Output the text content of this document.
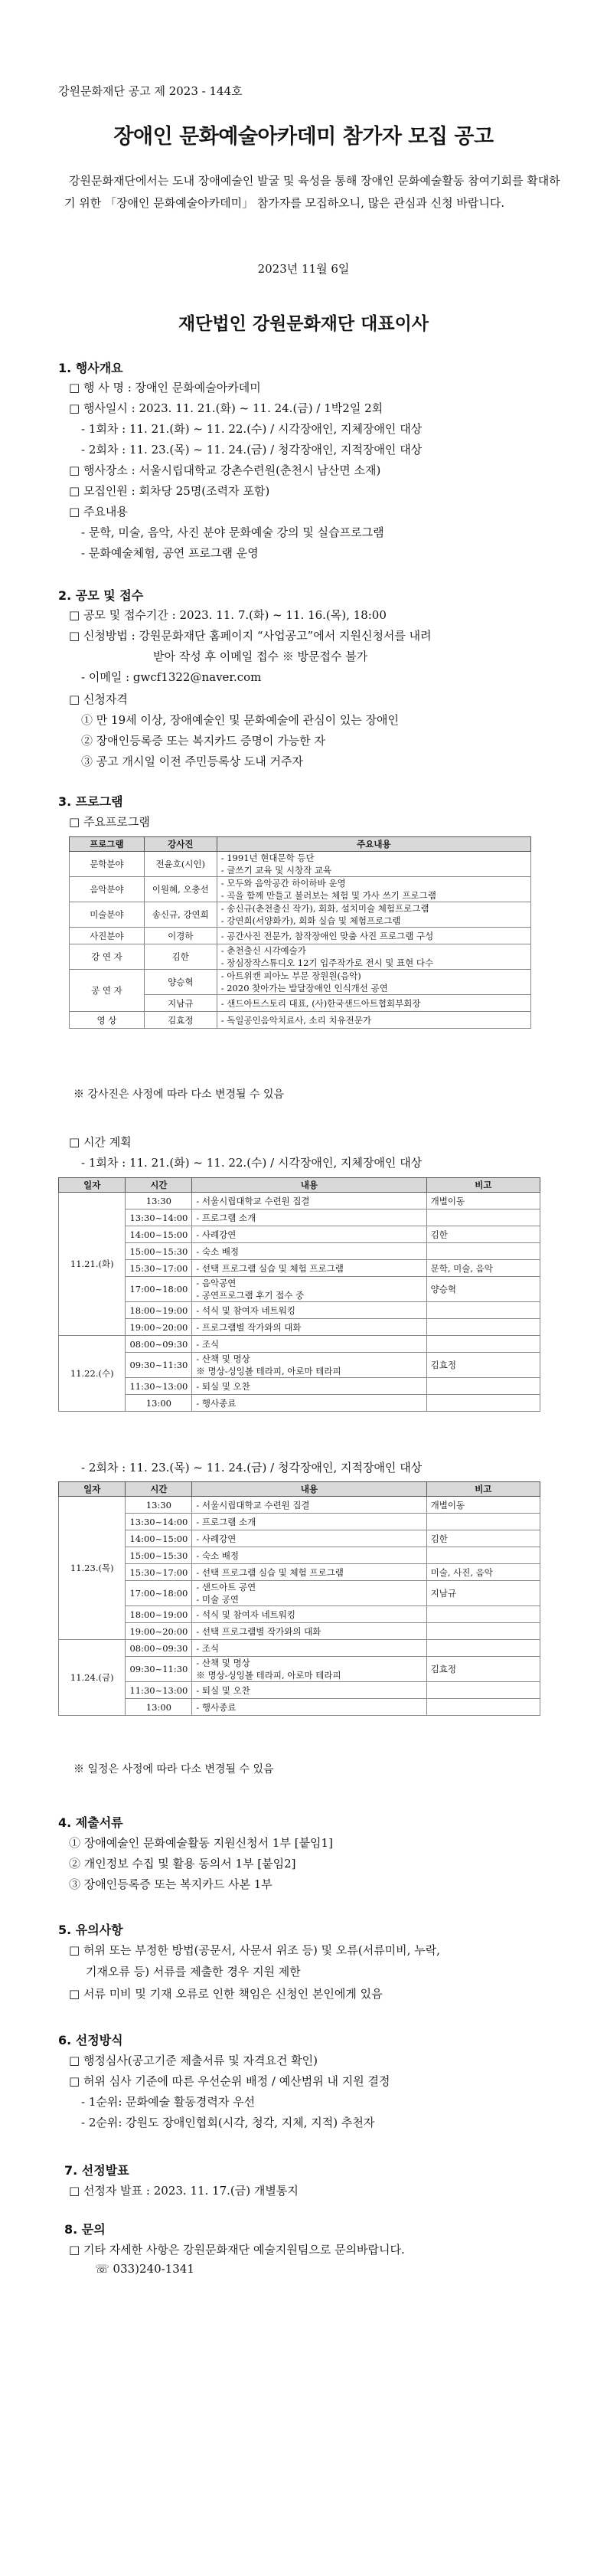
강원문화재단 공고 제 2023 - 144호
장애인 문화예술아카데미 참가자 모집 공고
강원문화재단에서는 도내 장애예술인 발굴 및 육성을 통해 장애인 문화예술활동 참여기회를 확대하기 위한 「장애인 문화예술아카데미」 참가자를 모집하오니, 많은 관심과 신청 바랍니다.
2023년 11월 6일
재단법인 강원문화재단 대표이사
1. 행사개요
□ 행 사 명 : 장애인 문화예술아카데미
□ 행사일시 : 2023. 11. 21.(화) ~ 11. 24.(금) / 1박2일 2회
- 1회차 : 11. 21.(화) ~ 11. 22.(수) / 시각장애인, 지체장애인 대상
- 2회차 : 11. 23.(목) ~ 11. 24.(금) / 청각장애인, 지적장애인 대상
□ 행사장소 : 서울시립대학교 강촌수련원(춘천시 남산면 소재)
□ 모집인원 : 회차당 25명(조력자 포함)
□ 주요내용
- 문학, 미술, 음악, 사진 분야 문화예술 강의 및 실습프로그램
- 문화예술체험, 공연 프로그램 운영
2. 공모 및 접수
□ 공모 및 접수기간 : 2023. 11. 7.(화) ~ 11. 16.(목), 18:00
□ 신청방법 : 강원문화재단 홈페이지 “사업공고”에서 지원신청서를 내려
받아 작성 후 이메일 접수 ※ 방문접수 불가
- 이메일 : gwcf1322@naver.com
□ 신청자격
① 만 19세 이상, 장애예술인 및 문화예술에 관심이 있는 장애인
② 장애인등록증 또는 복지카드 증명이 가능한 자
③ 공고 개시일 이전 주민등록상 도내 거주자
3. 프로그램
□ 주요프로그램
프로그램	강사진	주요내용
문학분야	전윤호(시인)	- 1991년 현대문학 등단
- 글쓰기 교육 및 시창작 교육

음악분야	이원혜, 오충선	- 모두와 음악공간 하이하바 운영
- 곡을 함께 만들고 불러보는 체험 및 가사 쓰기 프로그램

미술분야	송신규, 강연희	- 송신규(춘천출신 작가), 회화, 설치미술 체험프로그램
- 강연희(서양화가), 회화 실습 및 체험프로그램

사진분야	이경하	- 공간사진 전문가, 참작장애인 맞춤 사진 프로그램 구성
강 연 자	김한	- 춘천출신 시각예술가
- 장심장작스튜디오 12기 입주작가로 전시 및 표현 다수

공 연 자	양승혁	- 아트위캔 피아노 부문 장원원(음악)
- 2020 찾아가는 발달장애인 인식개선 공연

	지남규	- 샌드아트스토리 대표, (사)한국샌드아트협회부회장
영 상	김효정	- 독일공인음악치료사, 소리 치유전문가
※ 강사진은 사정에 따라 다소 변경될 수 있음
□ 시간 계획
- 1회차 : 11. 21.(화) ~ 11. 22.(수) / 시각장애인, 지체장애인 대상
일자	시간	내용	비고
11.21.(화)	13:30	- 서울시립대학교 수련원 집결	개별이동
	13:30~14:00	- 프로그램 소개	

	14:00~15:00	- 사례강연	김한
	15:00~15:30	- 숙소 배정	

	15:30~17:00	- 선택 프로그램 실습 및 체험 프로그램	문학, 미술, 음악
	17:00~18:00	- 음악공연
- 공연프로그램 후기 접수 중	양승혁
	18:00~19:00	- 석식 및 참여자 네트워킹	

	19:00~20:00	- 프로그램별 작가와의 대화	

11.22.(수)	08:00~09:30	- 조식	

	09:30~11:30	- 산책 및 명상
※ 명상-싱잉볼 테라피, 아로마 테라피	김효정
	11:30~13:00	- 퇴실 및 오찬	

	13:00	- 행사종료	

- 2회차 : 11. 23.(목) ~ 11. 24.(금) / 청각장애인, 지적장애인 대상
일자	시간	내용	비고
11.23.(목)	13:30	- 서울시립대학교 수련원 집결	개별이동
	13:30~14:00	- 프로그램 소개	

	14:00~15:00	- 사례강연	김한
	15:00~15:30	- 숙소 배정	

	15:30~17:00	- 선택 프로그램 실습 및 체험 프로그램	미술, 사진, 음악
	17:00~18:00	- 샌드아트 공연
- 미술 공연	지남규
	18:00~19:00	- 석식 및 참여자 네트워킹	

	19:00~20:00	- 선택 프로그램별 작가와의 대화	

11.24.(금)	08:00~09:30	- 조식	

	09:30~11:30	- 산책 및 명상
※ 명상-싱잉볼 테라피, 아로마 테라피	김효정
	11:30~13:00	- 퇴실 및 오찬	

	13:00	- 행사종료	

※ 일정은 사정에 따라 다소 변경될 수 있음
4. 제출서류
① 장애예술인 문화예술활동 지원신청서 1부 [붙임1]
② 개인정보 수집 및 활용 동의서 1부 [붙임2]
③ 장애인등록증 또는 복지카드 사본 1부
5. 유의사항
□ 허위 또는 부정한 방법(공문서, 사문서 위조 등) 및 오류(서류미비, 누락,
기재오류 등) 서류를 제출한 경우 지원 제한
□ 서류 미비 및 기재 오류로 인한 책임은 신청인 본인에게 있음
6. 선정방식
□ 행정심사(공고기준 제출서류 및 자격요건 확인)
□ 허위 심사 기준에 따른 우선순위 배정 / 예산범위 내 지원 결정
- 1순위: 문화예술 활동경력자 우선
- 2순위: 강원도 장애인협회(시각, 청각, 지체, 지적) 추천자
7. 선정발표
□ 선정자 발표 : 2023. 11. 17.(금) 개별통지
8. 문의
□ 기타 자세한 사항은 강원문화재단 예술지원팀으로 문의바랍니다.
☏ 033)240-1341
